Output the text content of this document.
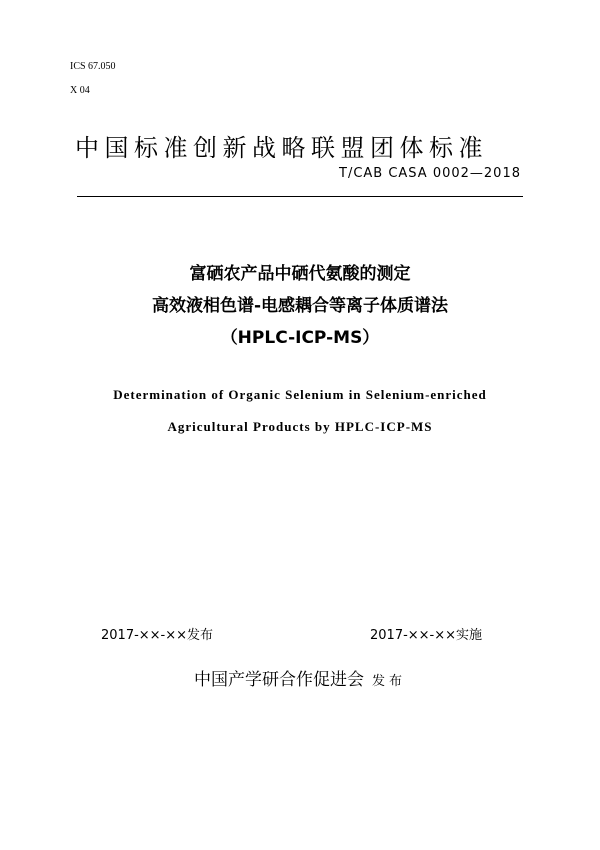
ICS 67.050
X 04
中国标准创新战略联盟团体标准
T/CAB CASA 0002—2018
富硒农产品中硒代氨酸的测定
高效液相色谱-电感耦合等离子体质谱法
（HPLC-ICP-MS）
Determination of Organic Selenium in Selenium-enriched
Agricultural Products by HPLC-ICP-MS
2017-××-××发布	2017-××-××实施
中国产学研合作促进会 发布
